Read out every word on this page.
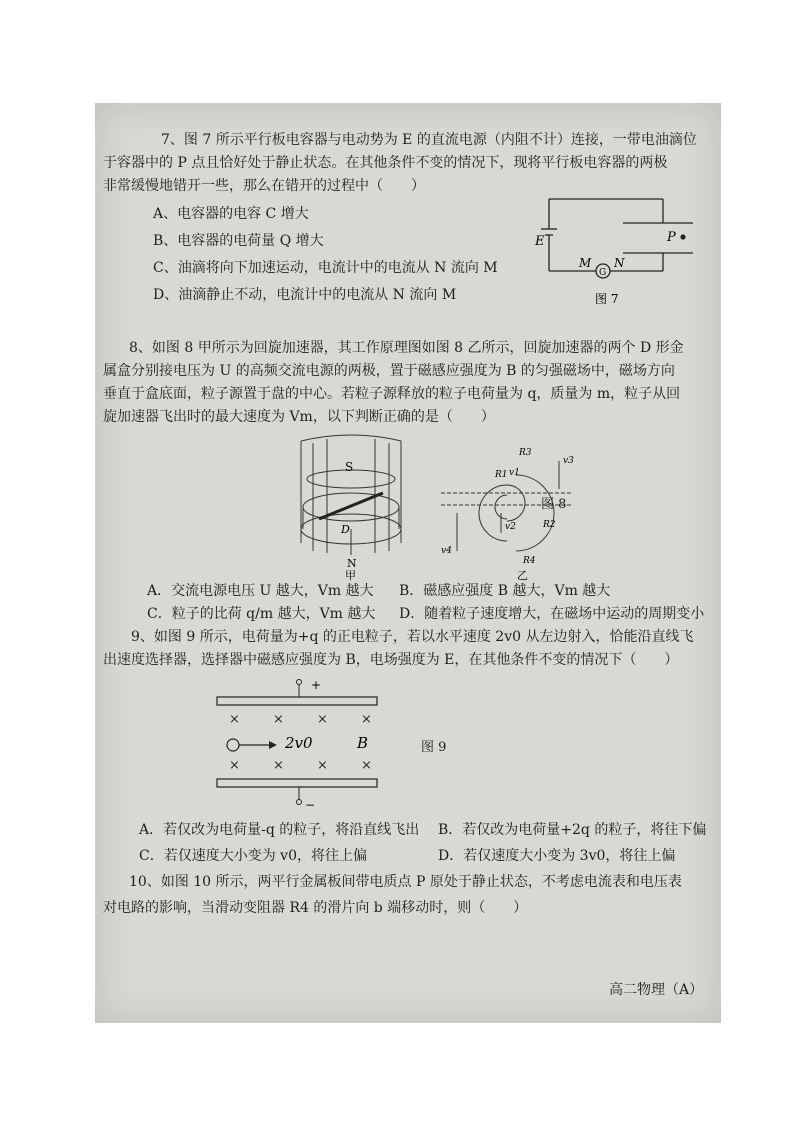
7、图 7 所示平行板电容器与电动势为 E 的直流电源（内阻不计）连接，一带电油滴位
于容器中的 P 点且恰好处于静止状态。在其他条件不变的情况下，现将平行板电容器的两极
非常缓慢地错开一些，那么在错开的过程中（　　）
A、电容器的电容 C 增大
B、电容器的电荷量 Q 增大
C、油滴将向下加速运动，电流计中的电流从 N 流向 M
D、油滴静止不动，电流计中的电流从 N 流向 M
E	P
M
G
N
图 7
8、如图 8 甲所示为回旋加速器，其工作原理图如图 8 乙所示，回旋加速器的两个 D 形金
属盒分别接电压为 U 的高频交流电源的两极，置于磁感应强度为 B 的匀强磁场中，磁场方向
垂直于盒底面，粒子源置于盘的中心。若粒子源释放的粒子电荷量为 q，质量为 m，粒子从回
旋加速器飞出时的最大速度为 Vm，以下判断正确的是（　　）
S
D
N
甲
R3
R1
R2
R4
v3
v1
v2
v4
乙
图 8
A．交流电源电压 U 越大，Vm 越大 B．磁感应强度 B 越大，Vm 越大
C．粒子的比荷 q/m 越大，Vm 越大 D．随着粒子速度增大，在磁场中运动的周期变小
9、如图 9 所示，电荷量为+q 的正电粒子，若以水平速度 2v0 从左边射入，恰能沿直线飞
出速度选择器，选择器中磁感应强度为 B，电场强度为 E，在其他条件不变的情况下（　　）
×	×	×	×
×	×	×	×
+
−
2v0	B	图 9
A．若仅改为电荷量-q 的粒子，将沿直线飞出 B．若仅改为电荷量+2q 的粒子，将往下偏
C．若仅速度大小变为 v0，将往上偏	D．若仅速度大小变为 3v0，将往上偏
10、如图 10 所示，两平行金属板间带电质点 P 原处于静止状态，不考虑电流表和电压表
对电路的影响，当滑动变阻器 R4 的滑片向 b 端移动时，则（　　）
高二物理（A）
